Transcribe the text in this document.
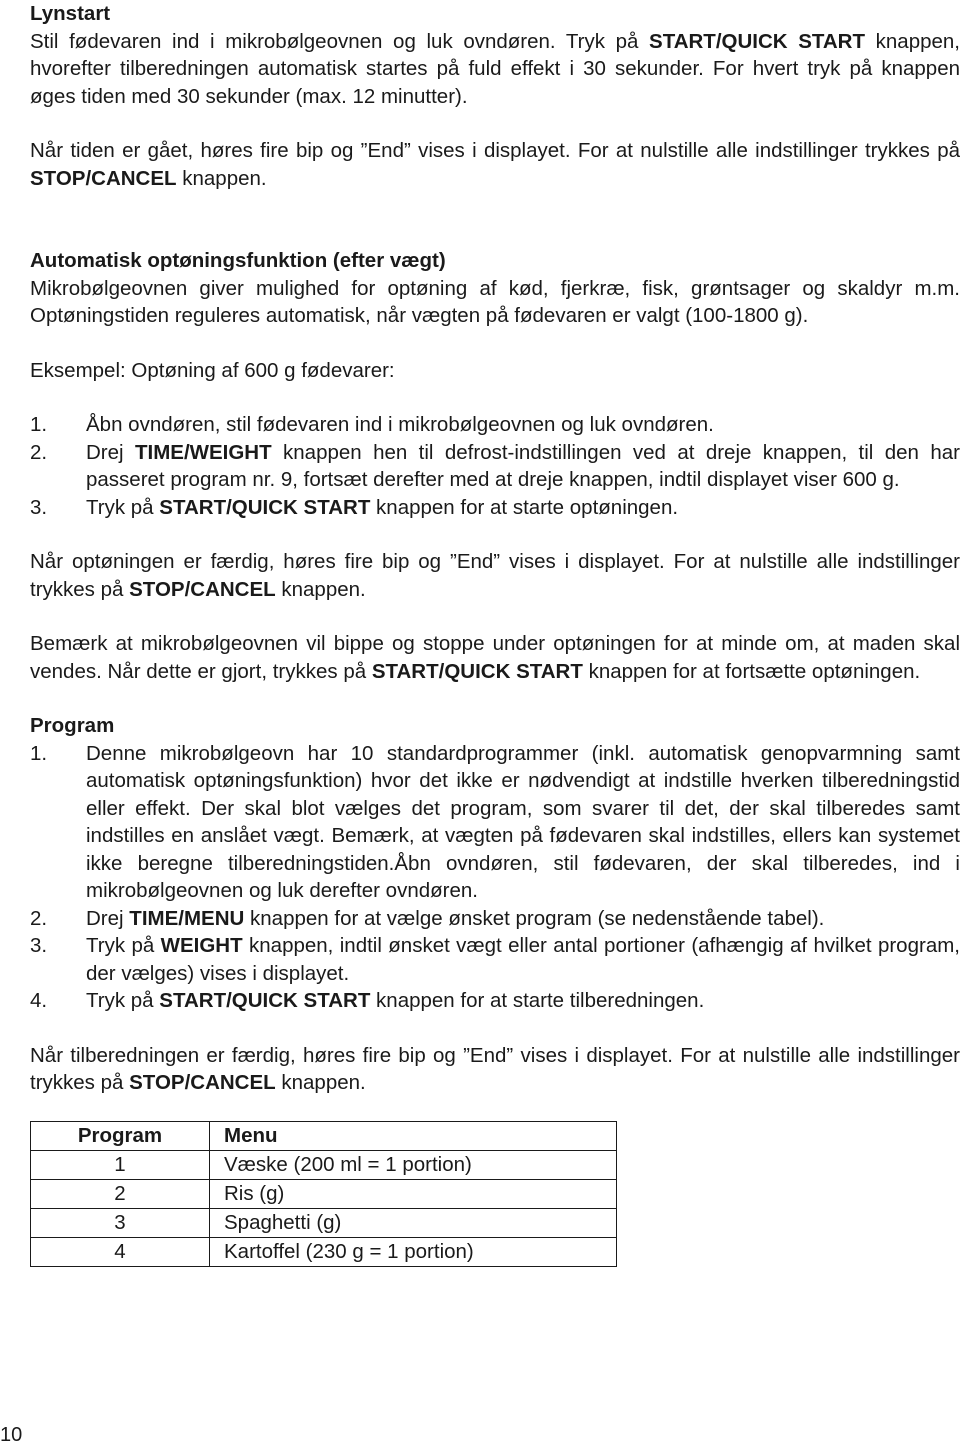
Lynstart

Stil fødevaren ind i mikrobølgeovnen og luk ovndøren. Tryk på START/QUICK START knappen, hvorefter tilberedningen automatisk startes på fuld effekt i 30 sekunder. For hvert tryk på knappen øges tiden med 30 sekunder (max. 12 minutter).

Når tiden er gået, høres fire bip og ”End” vises i displayet. For at nulstille alle indstillinger trykkes på STOP/CANCEL knappen.

Automatisk optøningsfunktion (efter vægt)

Mikrobølgeovnen giver mulighed for optøning af kød, fjerkræ, fisk, grøntsager og skaldyr m.m. Optøningstiden reguleres automatisk, når vægten på fødevaren er valgt (100-1800 g).

Eksempel: Optøning af 600 g fødevarer:

1. Åbn ovndøren, stil fødevaren ind i mikrobølgeovnen og luk ovndøren.
2. Drej TIME/WEIGHT knappen hen til defrost-indstillingen ved at dreje knappen, til den har passeret program nr. 9, fortsæt derefter med at dreje knappen, indtil displayet viser 600 g.
3. Tryk på START/QUICK START knappen for at starte optøningen.

Når optøningen er færdig, høres fire bip og ”End” vises i displayet. For at nulstille alle indstillinger trykkes på STOP/CANCEL knappen.

Bemærk at mikrobølgeovnen vil bippe og stoppe under optøningen for at minde om, at maden skal vendes. Når dette er gjort, trykkes på START/QUICK START knappen for at fortsætte optøningen.

Program
1. Denne mikrobølgeovn har 10 standardprogrammer (inkl. automatisk genopvarmning samt automatisk optøningsfunktion) hvor det ikke er nødvendigt at indstille hverken tilberedningstid eller effekt. Der skal blot vælges det program, som svarer til det, der skal tilberedes samt indstilles en anslået vægt. Bemærk, at vægten på fødevaren skal indstilles, ellers kan systemet ikke beregne tilberedningstiden.Åbn ovndøren, stil fødevaren, der skal tilberedes, ind i mikrobølgeovnen og luk derefter ovndøren.
2. Drej TIME/MENU knappen for at vælge ønsket program (se nedenstående tabel).
3. Tryk på WEIGHT knappen, indtil ønsket vægt eller antal portioner (afhængig af hvilket program, der vælges) vises i displayet.
4. Tryk på START/QUICK START knappen for at starte tilberedningen.

Når tilberedningen er færdig, høres fire bip og ”End” vises i displayet. For at nulstille alle indstillinger trykkes på STOP/CANCEL knappen.

Program	Menu
1	Væske (200 ml = 1 portion)
2	Ris (g)
3	Spaghetti (g)
4	Kartoffel (230 g = 1 portion)
10
